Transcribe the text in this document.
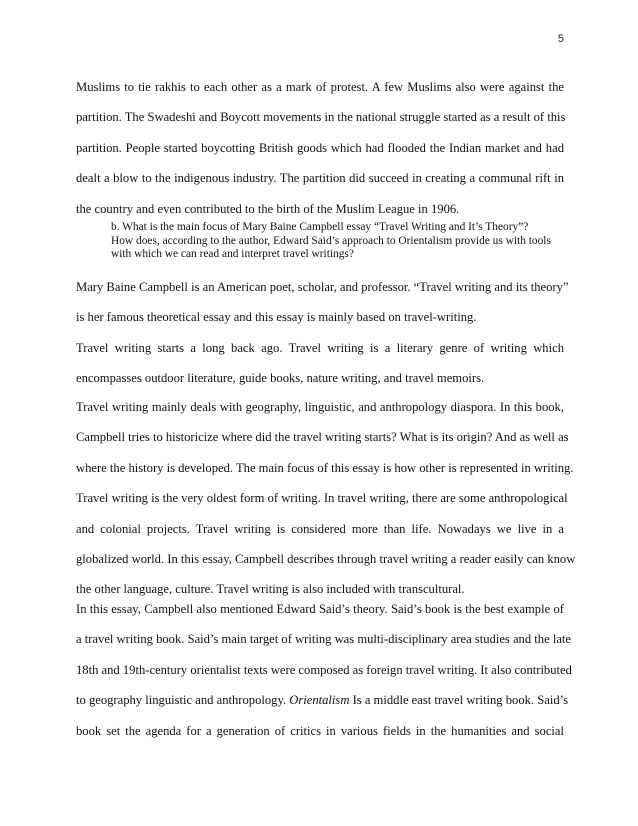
5
Muslims to tie rakhis to each other as a mark of protest. A few Muslims also were against the
partition. The Swadeshi and Boycott movements in the national struggle started as a result of this
partition. People started boycotting British goods which had flooded the Indian market and had
dealt a blow to the indigenous industry. The partition did succeed in creating a communal rift in
the country and even contributed to the birth of the Muslim League in 1906.
b. What is the main focus of Mary Baine Campbell essay “Travel Writing and It’s Theory”?
How does, according to the author, Edward Said’s approach to Orientalism provide us with tools
with which we can read and interpret travel writings?
Mary Baine Campbell is an American poet, scholar, and professor. “Travel writing and its theory”
is her famous theoretical essay and this essay is mainly based on travel-writing.
Travel writing starts a long back ago. Travel writing is a literary genre of writing which
encompasses outdoor literature, guide books, nature writing, and travel memoirs.
Travel writing mainly deals with geography, linguistic, and anthropology diaspora. In this book,
Campbell tries to historicize where did the travel writing starts? What is its origin? And as well as
where the history is developed. The main focus of this essay is how other is represented in writing.
Travel writing is the very oldest form of writing. In travel writing, there are some anthropological
and colonial projects. Travel writing is considered more than life. Nowadays we live in a
globalized world. In this essay, Campbell describes through travel writing a reader easily can know
the other language, culture. Travel writing is also included with transcultural.
In this essay, Campbell also mentioned Edward Said’s theory. Said’s book is the best example of
a travel writing book. Said’s main target of writing was multi-disciplinary area studies and the late
18th and 19th-century orientalist texts were composed as foreign travel writing. It also contributed
to geography linguistic and anthropology. Orientalism Is a middle east travel writing book. Said’s
book set the agenda for a generation of critics in various fields in the humanities and social
